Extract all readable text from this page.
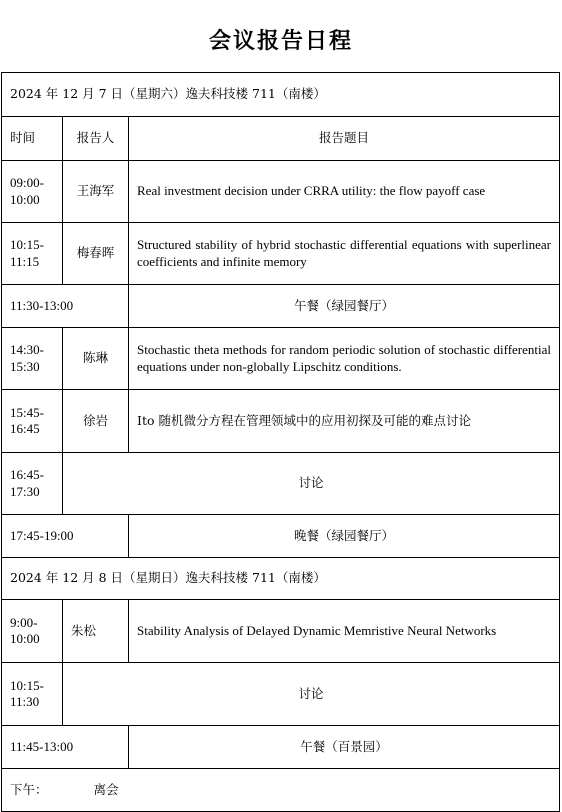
会议报告日程
2024 年 12 月 7 日（星期六）逸夫科技楼 711（南楼）		
时间	报告人	报告题目
09:00-10:00	王海军	Real investment decision under CRRA utility: the flow payoff case
10:15-11:15	梅春晖	Structured stability of hybrid stochastic differential equations with superlinear coefficients and infinite memory
11:30-13:00		午餐（绿园餐厅）
14:30-15:30	陈琳	Stochastic theta methods for random periodic solution of stochastic differential equations under non-globally Lipschitz conditions.
15:45-16:45	徐岩	Ito 随机微分方程在管理领域中的应用初探及可能的难点讨论
16:45-17:30	讨论	
17:45-19:00		晚餐（绿园餐厅）
2024 年 12 月 8 日（星期日）逸夫科技楼 711（南楼）		
9:00-10:00	朱松	Stability Analysis of Delayed Dynamic Memristive Neural Networks
10:15-11:30	讨论	
11:45-13:00		午餐（百景园）
下午： 离会		
